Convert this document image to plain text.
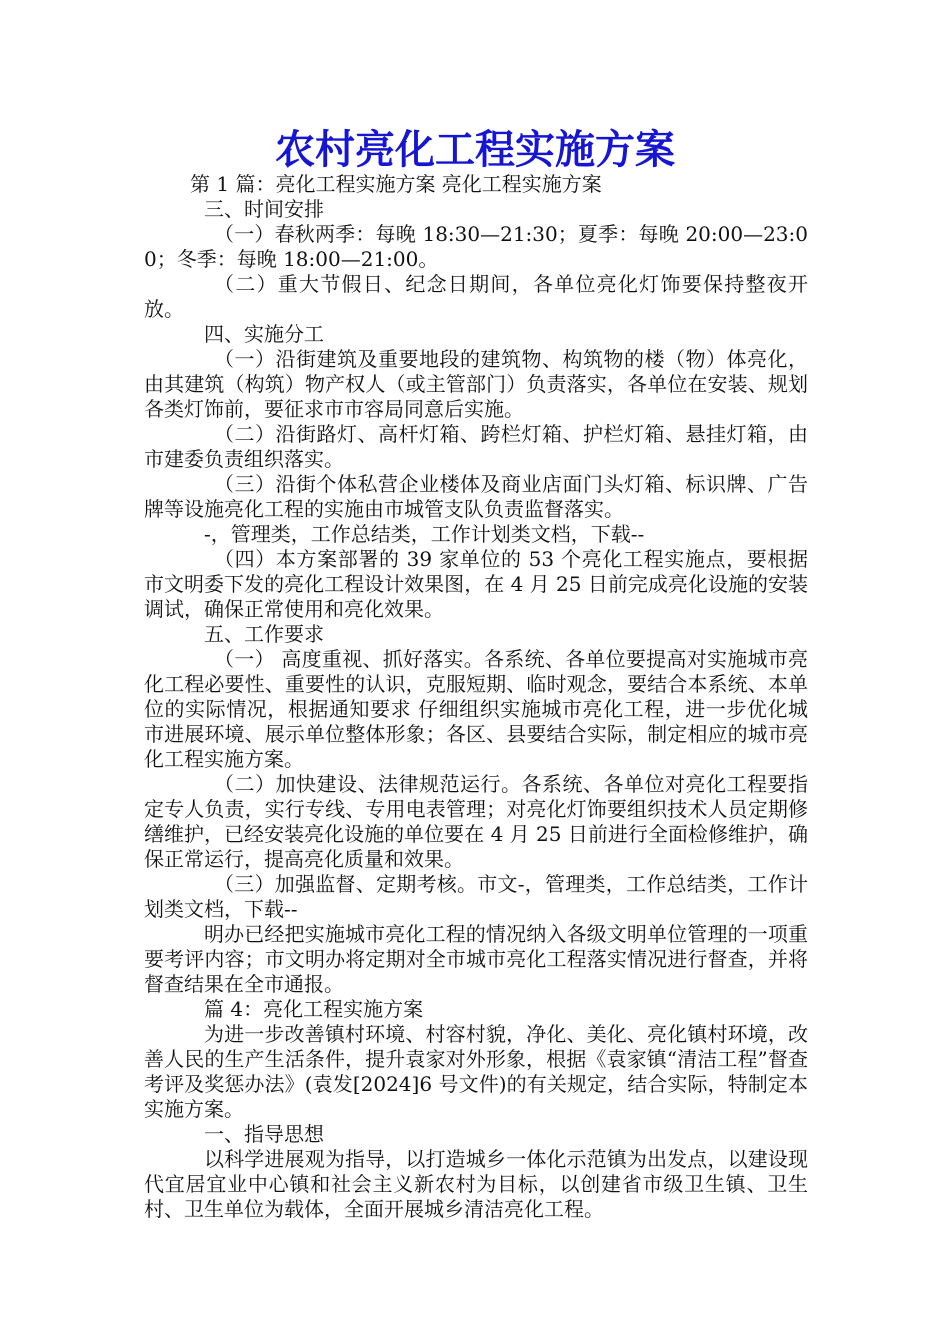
农村亮化工程实施方案

第 1 篇：亮化工程实施方案 亮化工程实施方案

三、时间安排

（一）春秋两季：每晚 18:30—21:30；夏季：每晚 20:00—23:00；冬季：每晚 18:00—21:00。

（二）重大节假日、纪念日期间，各单位亮化灯饰要保持整夜开放。

四、实施分工

（一）沿街建筑及重要地段的建筑物、构筑物的楼（物）体亮化，由其建筑（构筑）物产权人（或主管部门）负责落实，各单位在安装、规划各类灯饰前，要征求市市容局同意后实施。

（二）沿街路灯、高杆灯箱、跨栏灯箱、护栏灯箱、悬挂灯箱，由市建委负责组织落实。

（三）沿街个体私营企业楼体及商业店面门头灯箱、标识牌、广告牌等设施亮化工程的实施由市城管支队负责监督落实。

-，管理类，工作总结类，工作计划类文档，下载--

（四）本方案部署的 39 家单位的 53 个亮化工程实施点，要根据市文明委下发的亮化工程设计效果图，在 4 月 25 日前完成亮化设施的安装调试，确保正常使用和亮化效果。

五、工作要求

（一） 高度重视、抓好落实。各系统、各单位要提高对实施城市亮化工程必要性、重要性的认识，克服短期、临时观念，要结合本系统、本单位的实际情况，根据通知要求 仔细组织实施城市亮化工程，进一步优化城市进展环境、展示单位整体形象；各区、县要结合实际，制定相应的城市亮化工程实施方案。

（二）加快建设、法律规范运行。各系统、各单位对亮化工程要指定专人负责，实行专线、专用电表管理；对亮化灯饰要组织技术人员定期修缮维护，已经安装亮化设施的单位要在 4 月 25 日前进行全面检修维护，确保正常运行，提高亮化质量和效果。

（三）加强监督、定期考核。市文-，管理类，工作总结类，工作计划类文档，下载--

明办已经把实施城市亮化工程的情况纳入各级文明单位管理的一项重要考评内容；市文明办将定期对全市城市亮化工程落实情况进行督查，并将督查结果在全市通报。

篇 4：亮化工程实施方案

为进一步改善镇村环境、村容村貌，净化、美化、亮化镇村环境，改善人民的生产生活条件，提升袁家对外形象，根据《袁家镇“清洁工程”督查考评及奖惩办法》(袁发[2024]6 号文件)的有关规定，结合实际，特制定本实施方案。

一、指导思想

以科学进展观为指导，以打造城乡一体化示范镇为出发点，以建设现代宜居宜业中心镇和社会主义新农村为目标，以创建省市级卫生镇、卫生村、卫生单位为载体，全面开展城乡清洁亮化工程。
